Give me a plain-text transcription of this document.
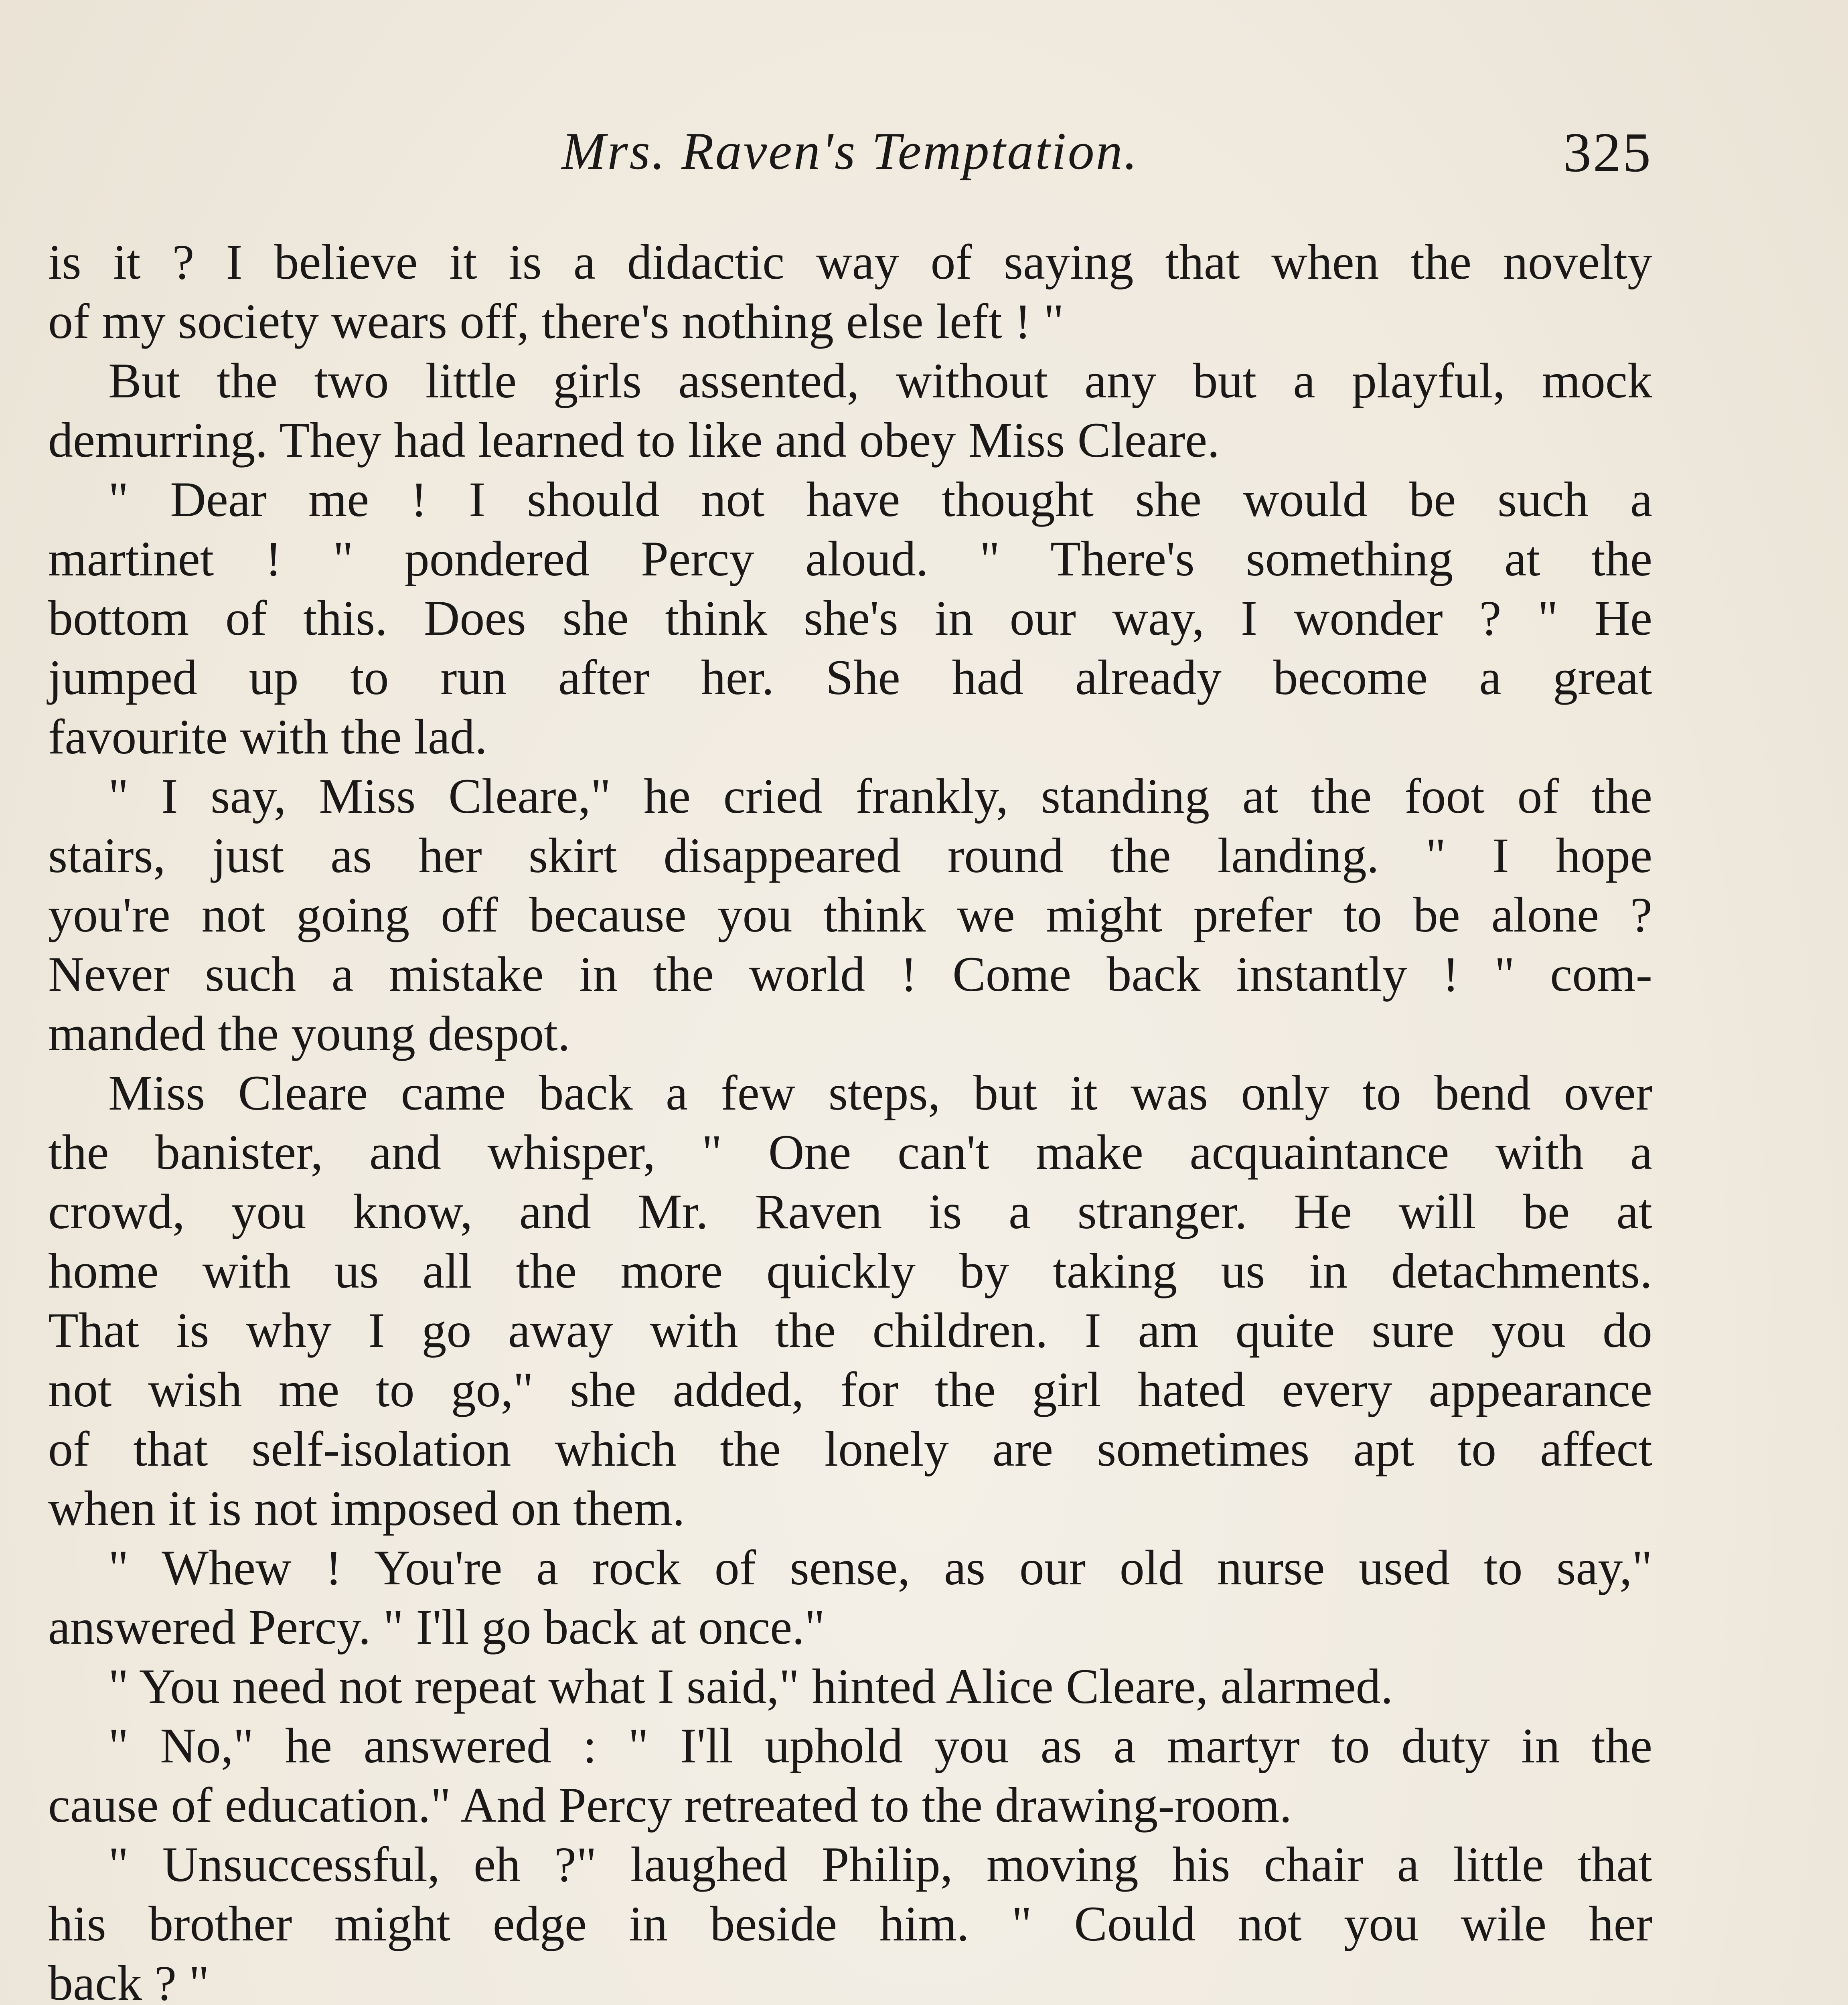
Mrs. Raven's Temptation.	325
is it ? I believe it is a didactic way of saying that when the novelty
of my society wears off, there's nothing else left ! "
But the two little girls assented, without any but a playful, mock
demurring. They had learned to like and obey Miss Cleare.
" Dear me ! I should not have thought she would be such a
martinet ! " pondered Percy aloud. " There's something at the
bottom of this. Does she think she's in our way, I wonder ? " He
jumped up to run after her. She had already become a great
favourite with the lad.
" I say, Miss Cleare," he cried frankly, standing at the foot of the
stairs, just as her skirt disappeared round the landing. " I hope
you're not going off because you think we might prefer to be alone ?
Never such a mistake in the world ! Come back instantly ! " com-
manded the young despot.
Miss Cleare came back a few steps, but it was only to bend over
the banister, and whisper, " One can't make acquaintance with a
crowd, you know, and Mr. Raven is a stranger. He will be at
home with us all the more quickly by taking us in detachments.
That is why I go away with the children. I am quite sure you do
not wish me to go," she added, for the girl hated every appearance
of that self-isolation which the lonely are sometimes apt to affect
when it is not imposed on them.
" Whew ! You're a rock of sense, as our old nurse used to say,"
answered Percy. " I'll go back at once."
" You need not repeat what I said," hinted Alice Cleare, alarmed.
" No," he answered : " I'll uphold you as a martyr to duty in the
cause of education." And Percy retreated to the drawing-room.
" Unsuccessful, eh ?" laughed Philip, moving his chair a little that
his brother might edge in beside him. " Could not you wile her
back ? "
